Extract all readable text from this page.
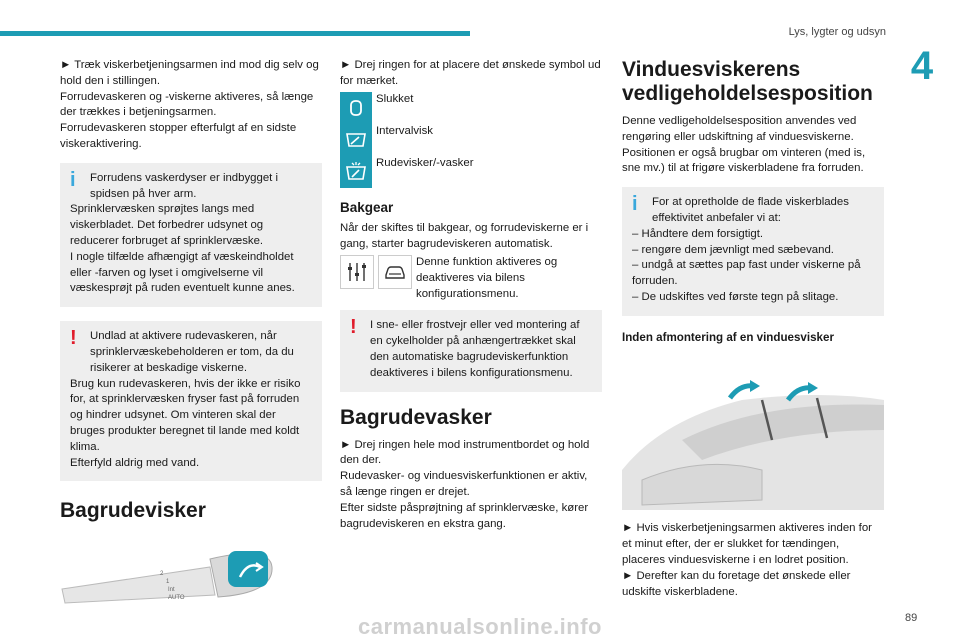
Lys, lygter og udsyn
4

► Træk viskerbetjeningsarmen ind mod dig selv og hold den i stillingen.

Forrudevaskeren og -viskerne aktiveres, så længe der trækkes i betjeningsarmen.

Forrudevaskeren stopper efterfulgt af en sidste viskeraktivering.

i	Forrudens vaskerdyser er indbygget i spidsen på hver arm.
Sprinklervæsken sprøjtes langs med viskerbladet. Det forbedrer udsynet og reducerer forbruget af sprinklervæske.
I nogle tilfælde afhængigt af væskeindholdet eller -farven og lyset i omgivelserne vil væskesprøjt på ruden eventuelt kunne anes.
!	Undlad at aktivere rudevaskeren, når sprinklervæskebeholderen er tom, da du risikerer at beskadige viskerne.
Brug kun rudevaskeren, hvis der ikke er risiko for, at sprinklervæsken fryser fast på forruden og hindrer udsynet. Om vinteren skal der bruges produkter beregnet til lande med koldt klima.
Efterfyld aldrig med vand.
Bagrudevisker
2
1
Int
AUTO

► Drej ringen for at placere det ønskede symbol ud for mærket.

Slukket
Intervalvisk
Rudevisker/-vasker
Bakgear

Når der skiftes til bakgear, og forrudeviskerne er i gang, starter bagrudeviskeren automatisk.

Denne funktion aktiveres og deaktiveres via bilens konfigurationsmenu.
!	I sne- eller frostvejr eller ved montering af en cykelholder på anhængertrækket skal den automatiske bagrudeviskerfunktion deaktiveres i bilens konfigurationsmenu.
Bagrudevasker

► Drej ringen hele mod instrumentbordet og hold den der.

Rudevasker- og vinduesviskerfunktionen er aktiv, så længe ringen er drejet.

Efter sidste påsprøjtning af sprinklervæske, kører bagrudeviskeren en ekstra gang.

Vinduesviskerens vedligeholdelsesposition

Denne vedligeholdelsesposition anvendes ved rengøring eller udskiftning af vinduesviskerne. Positionen er også brugbar om vinteren (med is, sne mv.) til at frigøre viskerbladene fra forruden.

i	For at opretholde de flade viskerblades effektivitet anbefaler vi at:
– Håndtere dem forsigtigt.
– rengøre dem jævnligt med sæbevand.
– undgå at sættes pap fast under viskerne på forruden.
– De udskiftes ved første tegn på slitage.
Inden afmontering af en vinduesvisker

► Hvis viskerbetjeningsarmen aktiveres inden for et minut efter, der er slukket for tændingen, placeres vinduesviskerne i en lodret position.

► Derefter kan du foretage det ønskede eller udskifte viskerbladene.

89
carmanualsonline.info
